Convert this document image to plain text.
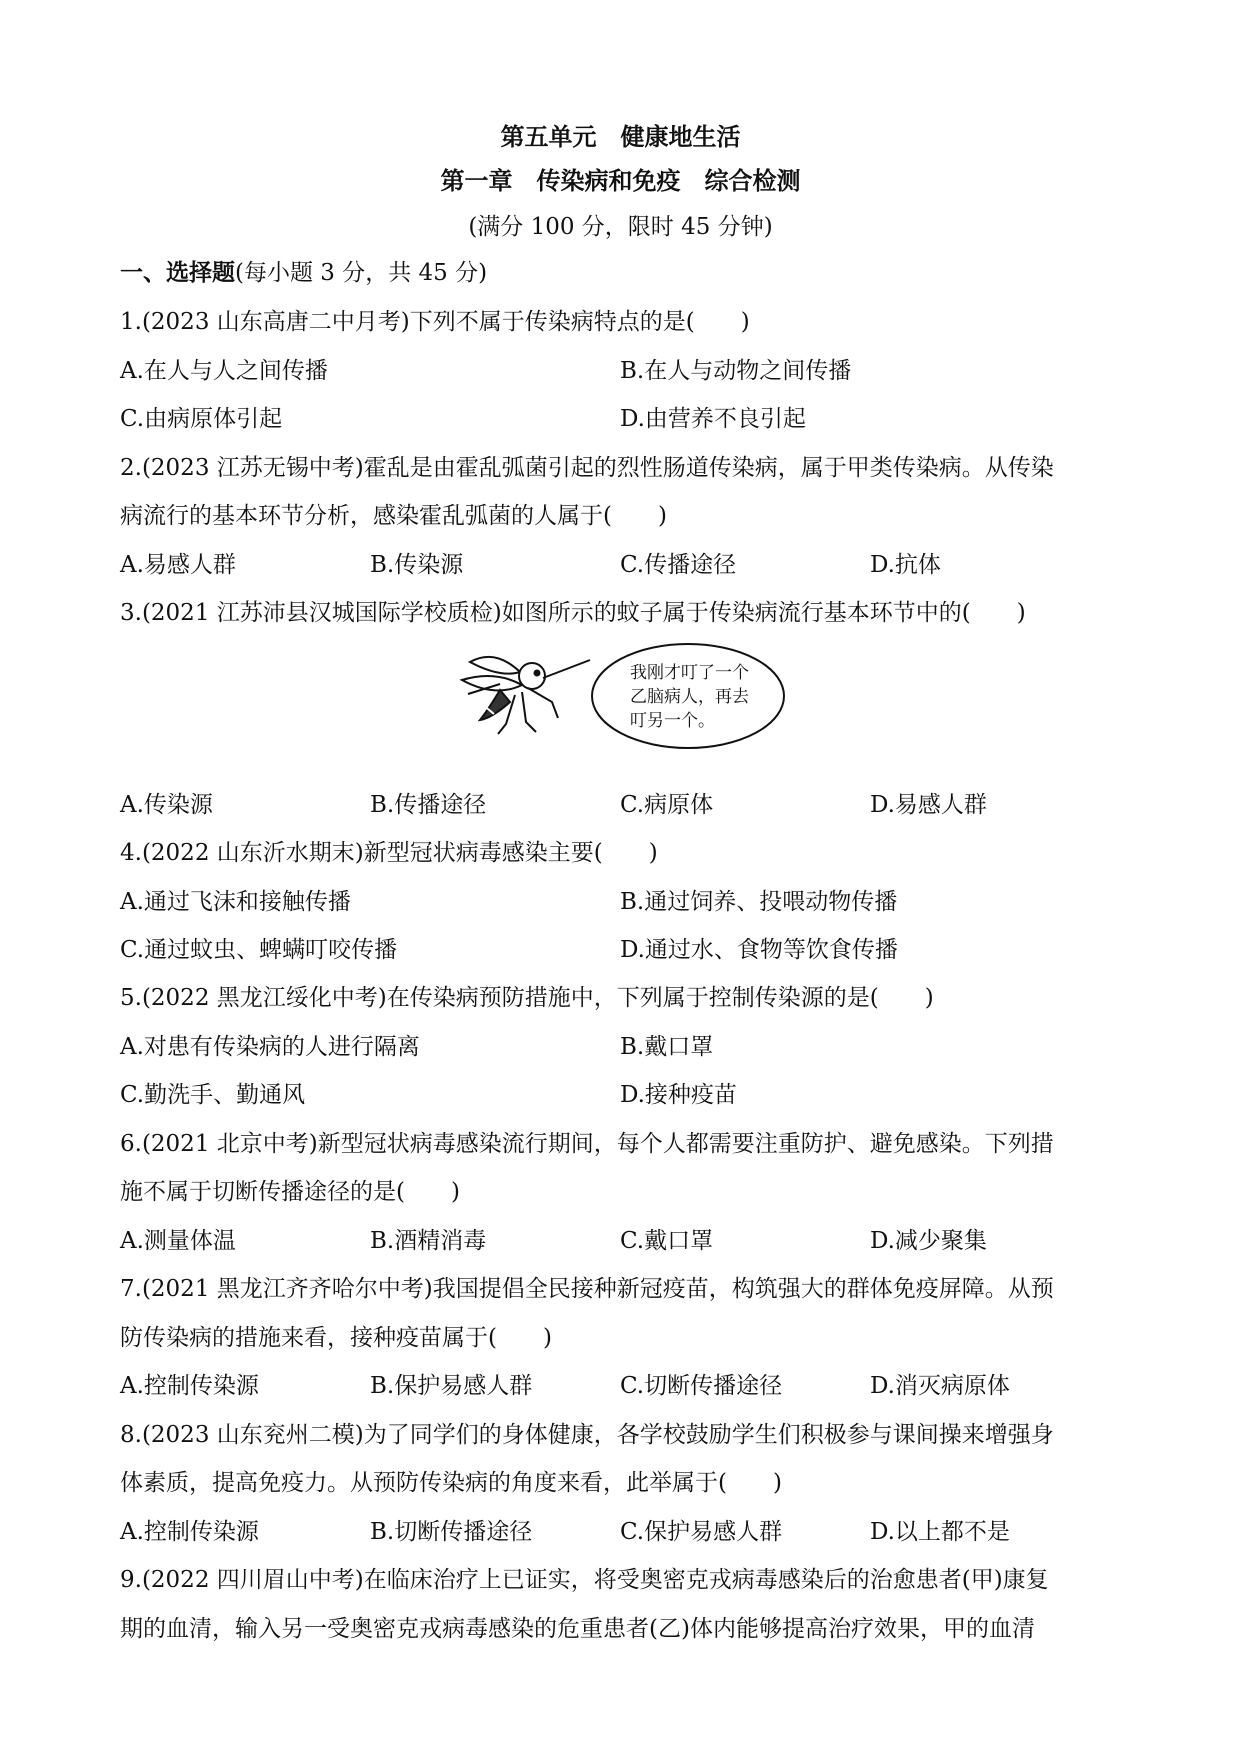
第五单元　健康地生活
第一章　传染病和免疫　综合检测
(满分 100 分，限时 45 分钟)
一、选择题(每小题 3 分，共 45 分)
1.(2023 山东高唐二中月考)下列不属于传染病特点的是(　　)
A.在人与人之间传播	B.在人与动物之间传播
C.由病原体引起	D.由营养不良引起
2.(2023 江苏无锡中考)霍乱是由霍乱弧菌引起的烈性肠道传染病，属于甲类传染病。从传染
病流行的基本环节分析，感染霍乱弧菌的人属于(　　)
A.易感人群	B.传染源	C.传播途径	D.抗体
3.(2021 江苏沛县汉城国际学校质检)如图所示的蚊子属于传染病流行基本环节中的(　　)
我刚才叮了一个
乙脑病人，再去
叮另一个。
A.传染源	B.传播途径	C.病原体	D.易感人群
4.(2022 山东沂水期末)新型冠状病毒感染主要(　　)
A.通过飞沫和接触传播	B.通过饲养、投喂动物传播
C.通过蚊虫、蜱螨叮咬传播	D.通过水、食物等饮食传播
5.(2022 黑龙江绥化中考)在传染病预防措施中，下列属于控制传染源的是(　　)
A.对患有传染病的人进行隔离	B.戴口罩
C.勤洗手、勤通风	D.接种疫苗
6.(2021 北京中考)新型冠状病毒感染流行期间，每个人都需要注重防护、避免感染。下列措
施不属于切断传播途径的是(　　)
A.测量体温	B.酒精消毒	C.戴口罩	D.减少聚集
7.(2021 黑龙江齐齐哈尔中考)我国提倡全民接种新冠疫苗，构筑强大的群体免疫屏障。从预
防传染病的措施来看，接种疫苗属于(　　)
A.控制传染源	B.保护易感人群	C.切断传播途径	D.消灭病原体
8.(2023 山东兖州二模)为了同学们的身体健康，各学校鼓励学生们积极参与课间操来增强身
体素质，提高免疫力。从预防传染病的角度来看，此举属于(　　)
A.控制传染源	B.切断传播途径	C.保护易感人群	D.以上都不是
9.(2022 四川眉山中考)在临床治疗上已证实，将受奥密克戎病毒感染后的治愈患者(甲)康复
期的血清，输入另一受奥密克戎病毒感染的危重患者(乙)体内能够提高治疗效果，甲的血清
